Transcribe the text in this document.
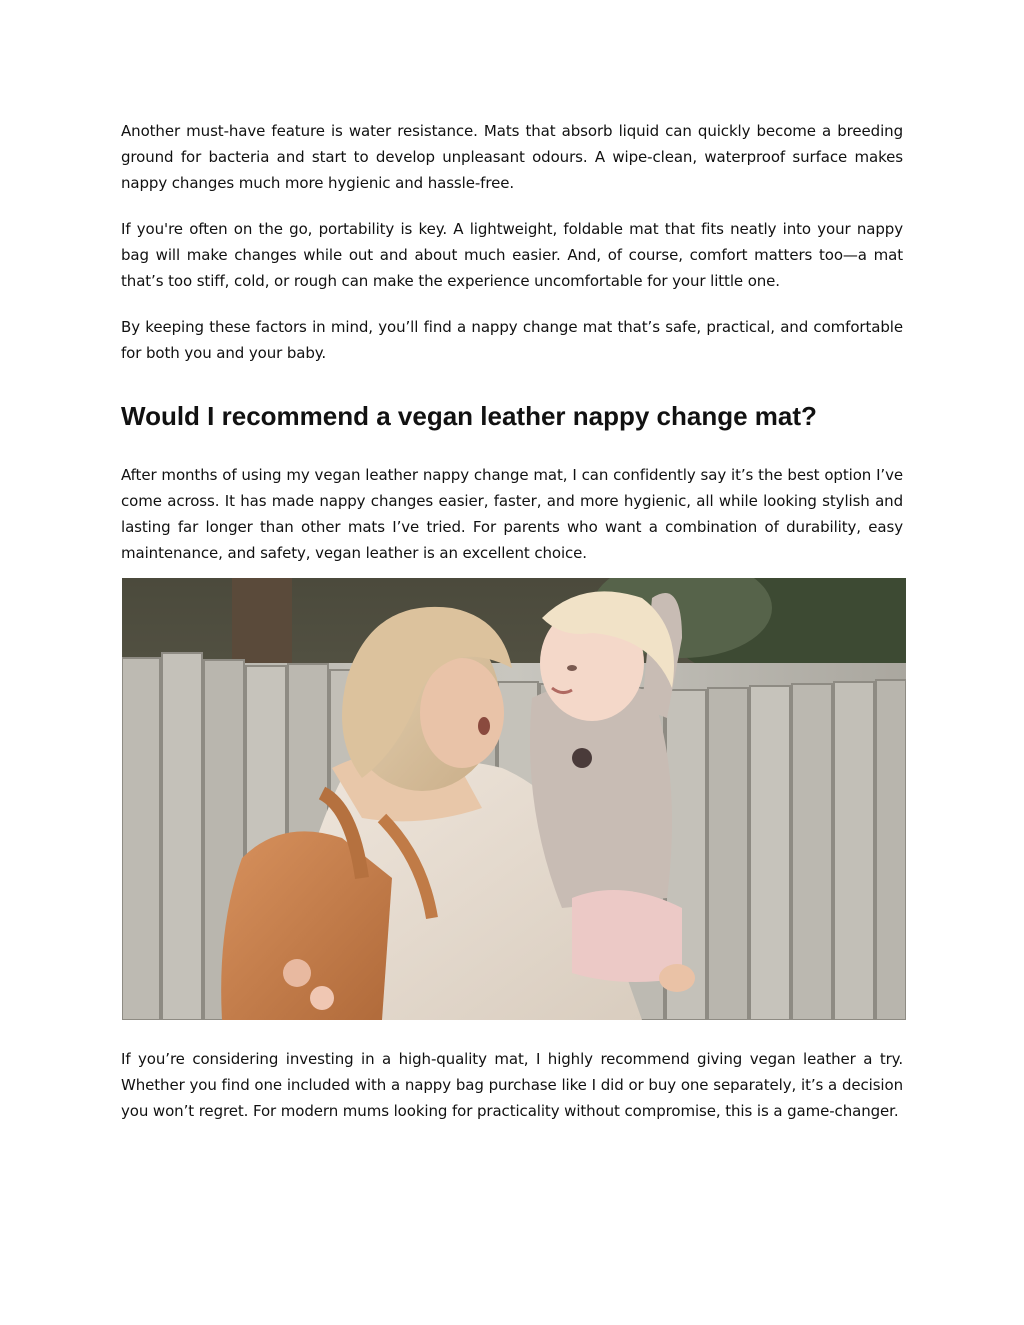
Another must-have feature is water resistance. Mats that absorb liquid can quickly become a breeding ground for bacteria and start to develop unpleasant odours. A wipe-clean, waterproof surface makes nappy changes much more hygienic and hassle-free.

If you're often on the go, portability is key. A lightweight, foldable mat that fits neatly into your nappy bag will make changes while out and about much easier. And, of course, comfort matters too—a mat that’s too stiff, cold, or rough can make the experience uncomfortable for your little one.

By keeping these factors in mind, you’ll find a nappy change mat that’s safe, practical, and comfortable for both you and your baby.

Would I recommend a vegan leather nappy change mat?

After months of using my vegan leather nappy change mat, I can confidently say it’s the best option I’ve come across. It has made nappy changes easier, faster, and more hygienic, all while looking stylish and lasting far longer than other mats I’ve tried. For parents who want a combination of durability, easy maintenance, and safety, vegan leather is an excellent choice.

If you’re considering investing in a high-quality mat, I highly recommend giving vegan leather a try. Whether you find one included with a nappy bag purchase like I did or buy one separately, it’s a decision you won’t regret. For modern mums looking for practicality without compromise, this is a game-changer.
